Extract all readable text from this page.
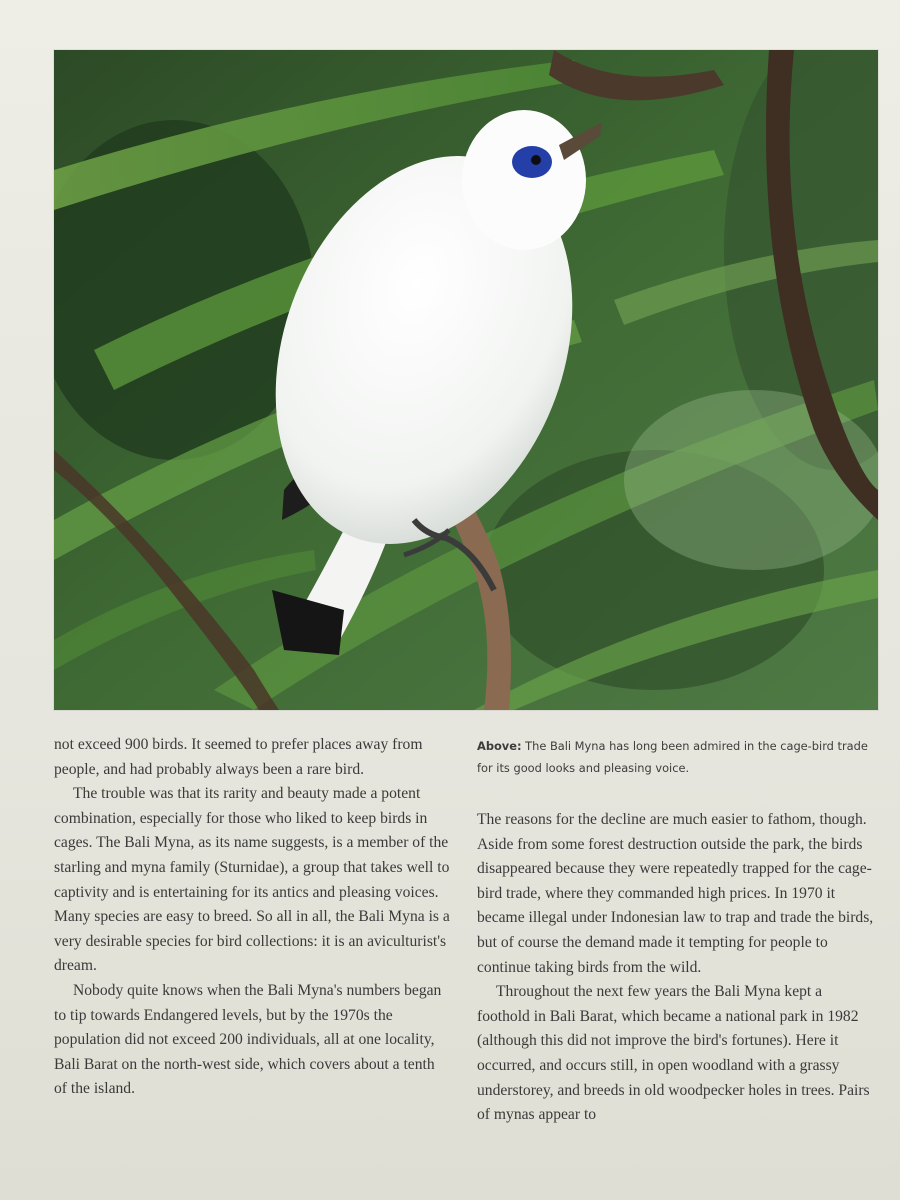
Above: The Bali Myna has long been admired in the cage-bird trade for its good looks and pleasing voice.

not exceed 900 birds. It seemed to prefer places away from people, and had probably always been a rare bird.

The trouble was that its rarity and beauty made a potent combination, especially for those who liked to keep birds in cages. The Bali Myna, as its name suggests, is a member of the starling and myna family (Sturnidae), a group that takes well to captivity and is entertaining for its antics and pleasing voices. Many species are easy to breed. So all in all, the Bali Myna is a very desirable species for bird collections: it is an aviculturist's dream.

Nobody quite knows when the Bali Myna's numbers began to tip towards Endangered levels, but by the 1970s the population did not exceed 200 individuals, all at one locality, Bali Barat on the north-west side, which covers about a tenth of the island.

The reasons for the decline are much easier to fathom, though. Aside from some forest destruction outside the park, the birds disappeared because they were repeatedly trapped for the cage-bird trade, where they commanded high prices. In 1970 it became illegal under Indonesian law to trap and trade the birds, but of course the demand made it tempting for people to continue taking birds from the wild.

Throughout the next few years the Bali Myna kept a foothold in Bali Barat, which became a national park in 1982 (although this did not improve the bird's fortunes). Here it occurred, and occurs still, in open woodland with a grassy understorey, and breeds in old woodpecker holes in trees. Pairs of mynas appear to
